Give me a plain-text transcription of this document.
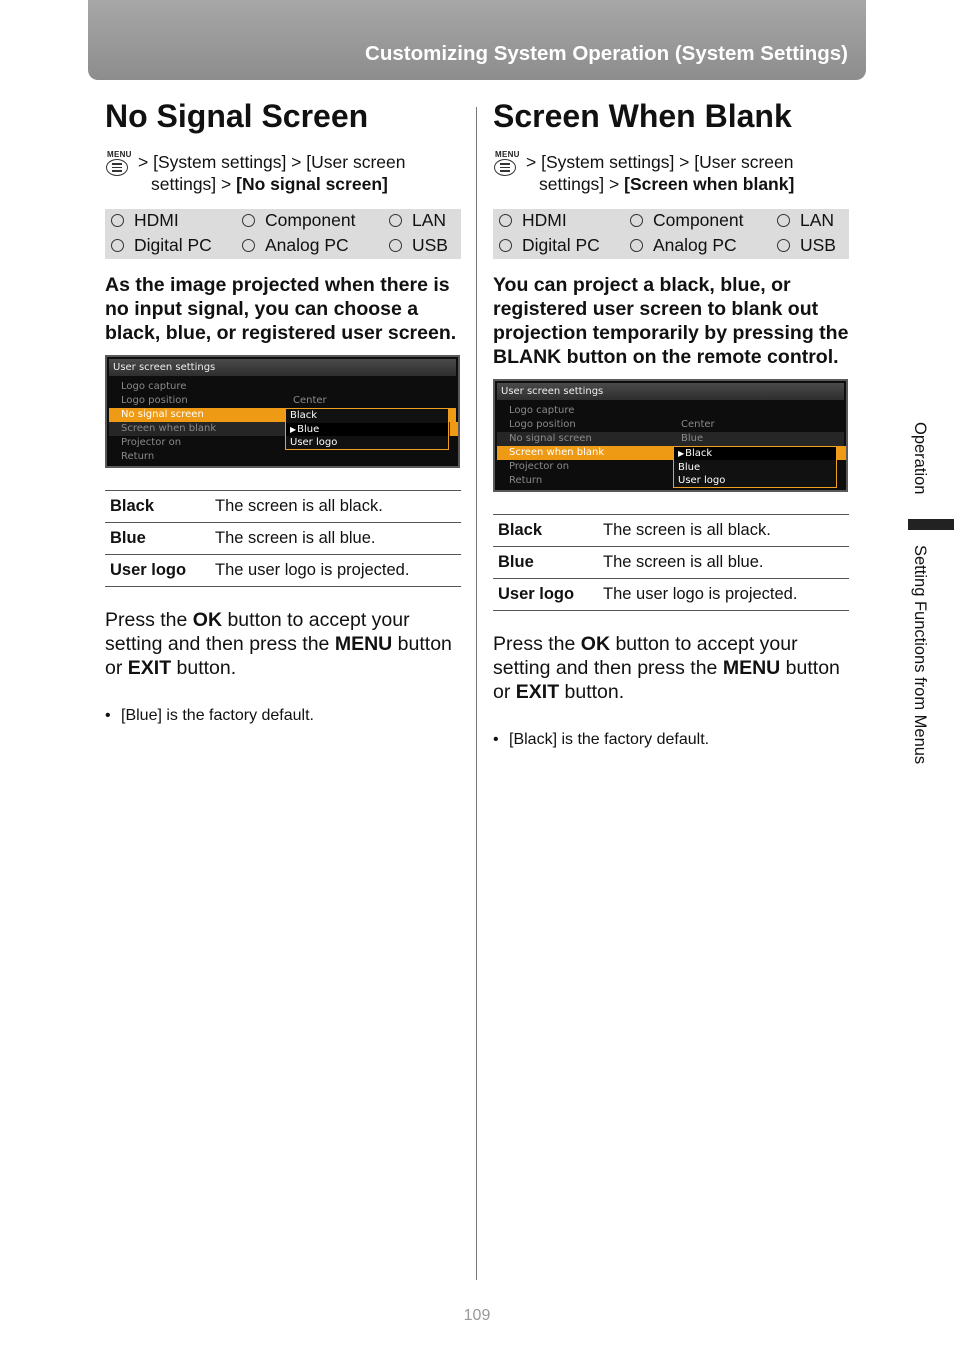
Customizing System Operation (System Settings)
No Signal Screen
MENU > [System settings] > [User screen
settings] > [No signal screen]
HDMI	Component	LAN
Digital PC	Analog PC	USB
As the image projected when there is no input signal, you can choose a black, blue, or registered user screen.
User screen settings
Logo capture
Logo position	Center
No signal screen
Screen when blank
Projector on
Return
Black
▶Blue
User logo
Black	The screen is all black.
Blue	The screen is all blue.
User logo	The user logo is projected.
Press the OK button to accept your setting and then press the MENU button or EXIT button.
• [Blue] is the factory default.
Screen When Blank
MENU > [System settings] > [User screen
settings] > [Screen when blank]
HDMI	Component	LAN
Digital PC	Analog PC	USB
You can project a black, blue, or registered user screen to blank out projection temporarily by pressing the BLANK button on the remote control.
User screen settings
Logo capture
Logo position	Center
No signal screen	Blue
Screen when blank
Projector on
Return
▶Black
Blue
User logo
Black	The screen is all black.
Blue	The screen is all blue.
User logo	The user logo is projected.
Press the OK button to accept your setting and then press the MENU button or EXIT button.
• [Black] is the factory default.
Operation
Setting Functions from Menus
109
